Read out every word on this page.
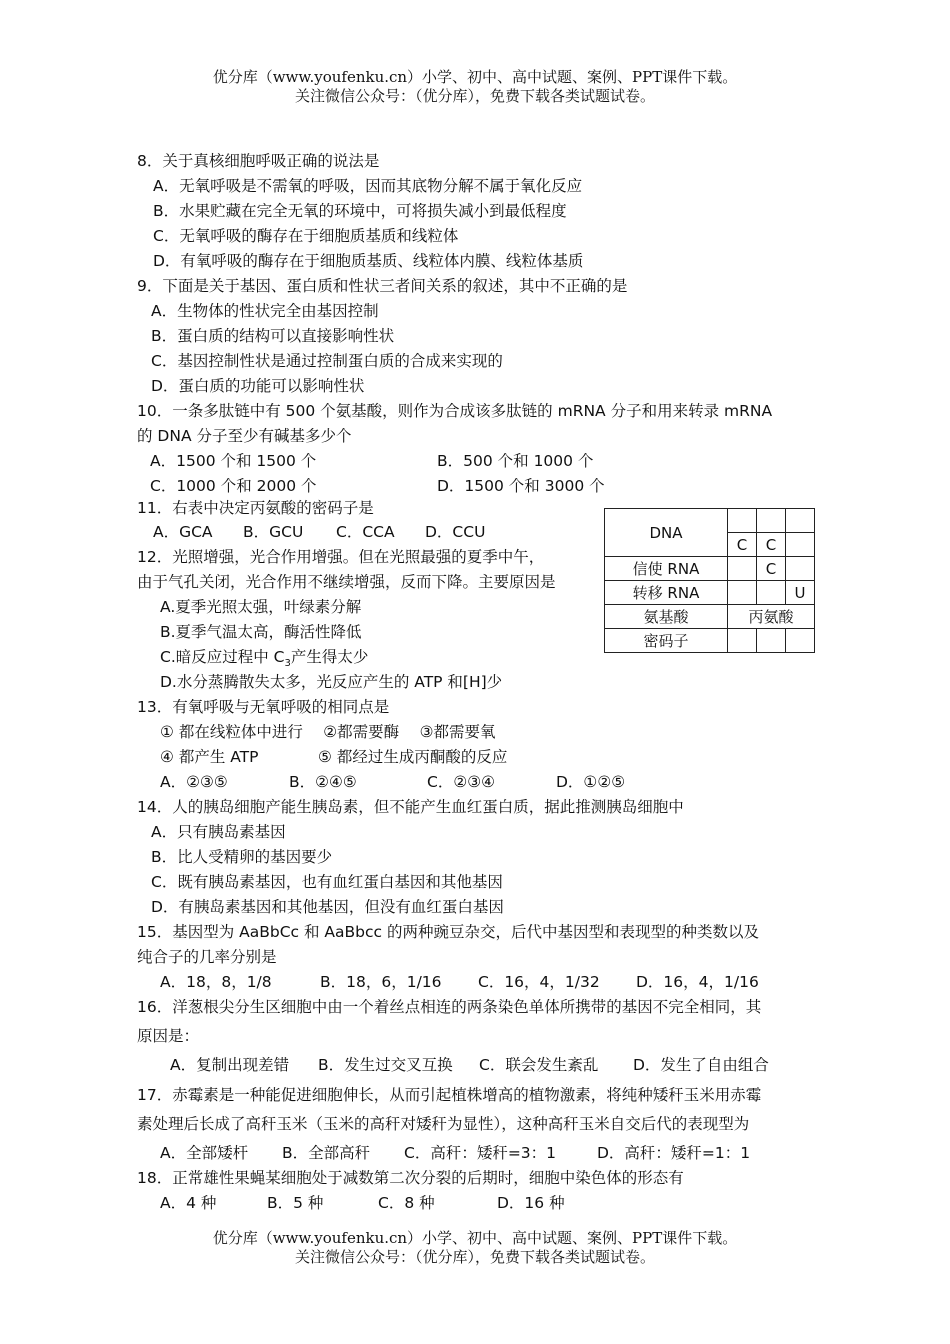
优分库（www.youfenku.cn）小学、初中、高中试题、案例、PPT课件下载。
关注微信公众号：（优分库），免费下载各类试题试卷。
8．关于真核细胞呼吸正确的说法是
A．无氧呼吸是不需氧的呼吸，因而其底物分解不属于氧化反应
B．水果贮藏在完全无氧的环境中，可将损失减小到最低程度
C．无氧呼吸的酶存在于细胞质基质和线粒体
D．有氧呼吸的酶存在于细胞质基质、线粒体内膜、线粒体基质
9．下面是关于基因、蛋白质和性状三者间关系的叙述，其中不正确的是
A．生物体的性状完全由基因控制
B．蛋白质的结构可以直接影响性状
C．基因控制性状是通过控制蛋白质的合成来实现的
D．蛋白质的功能可以影响性状
10．一条多肽链中有 500 个氨基酸，则作为合成该多肽链的 mRNA 分子和用来转录 mRNA
的 DNA 分子至少有碱基多少个
A．1500 个和 1500 个	B．500 个和 1000 个
C．1000 个和 2000 个	D．1500 个和 3000 个
11．右表中决定丙氨酸的密码子是
A．GCA B．GCU C．CCA D．CCU	DNA			
	C	C	
信使 RNA		C	
转移 RNA			U
氨基酸	丙氨酸		
密码子			
12．光照增强，光合作用增强。但在光照最强的夏季中午，
由于气孔关闭，光合作用不继续增强，反而下降。主要原因是
A.夏季光照太强，叶绿素分解
B.夏季气温太高，酶活性降低
C.暗反应过程中 $C_3$产生得太少
D.水分蒸腾散失太多，光反应产生的 ATP 和[H]少
13．有氧呼吸与无氧呼吸的相同点是
① 都在线粒体中进行　 ②都需要酶　 ③都需要氧
④ 都产生 ATP	⑤ 都经过生成丙酮酸的反应
A．②③⑤	B．②④⑤	C．②③④	D．①②⑤
14．人的胰岛细胞产能生胰岛素，但不能产生血红蛋白质，据此推测胰岛细胞中
A．只有胰岛素基因
B．比人受精卵的基因要少
C．既有胰岛素基因，也有血红蛋白基因和其他基因
D．有胰岛素基因和其他基因，但没有血红蛋白基因
15．基因型为 AaBbCc 和 AaBbcc 的两种豌豆杂交，后代中基因型和表现型的种类数以及
纯合子的几率分别是
A．18，8，1/8	B．18，6，1/16 C．16，4，1/32 D．16，4，1/16
16．洋葱根尖分生区细胞中由一个着丝点相连的两条染色单体所携带的基因不完全相同，其
原因是：
A．复制出现差错 B．发生过交叉互换 C．联会发生紊乱 D．发生了自由组合
17．赤霉素是一种能促进细胞伸长，从而引起植株增高的植物激素，将纯种矮秆玉米用赤霉
素处理后长成了高秆玉米（玉米的高秆对矮秆为显性），这种高秆玉米自交后代的表现型为
A．全部矮杆 B．全部高秆 C．高秆：矮秆=3：1	D．高秆：矮秆=1：1
18．正常雄性果蝇某细胞处于减数第二次分裂的后期时，细胞中染色体的形态有
A．4 种	B．5 种	C．8 种	D．16 种
优分库（www.youfenku.cn）小学、初中、高中试题、案例、PPT课件下载。
关注微信公众号：（优分库），免费下载各类试题试卷。
